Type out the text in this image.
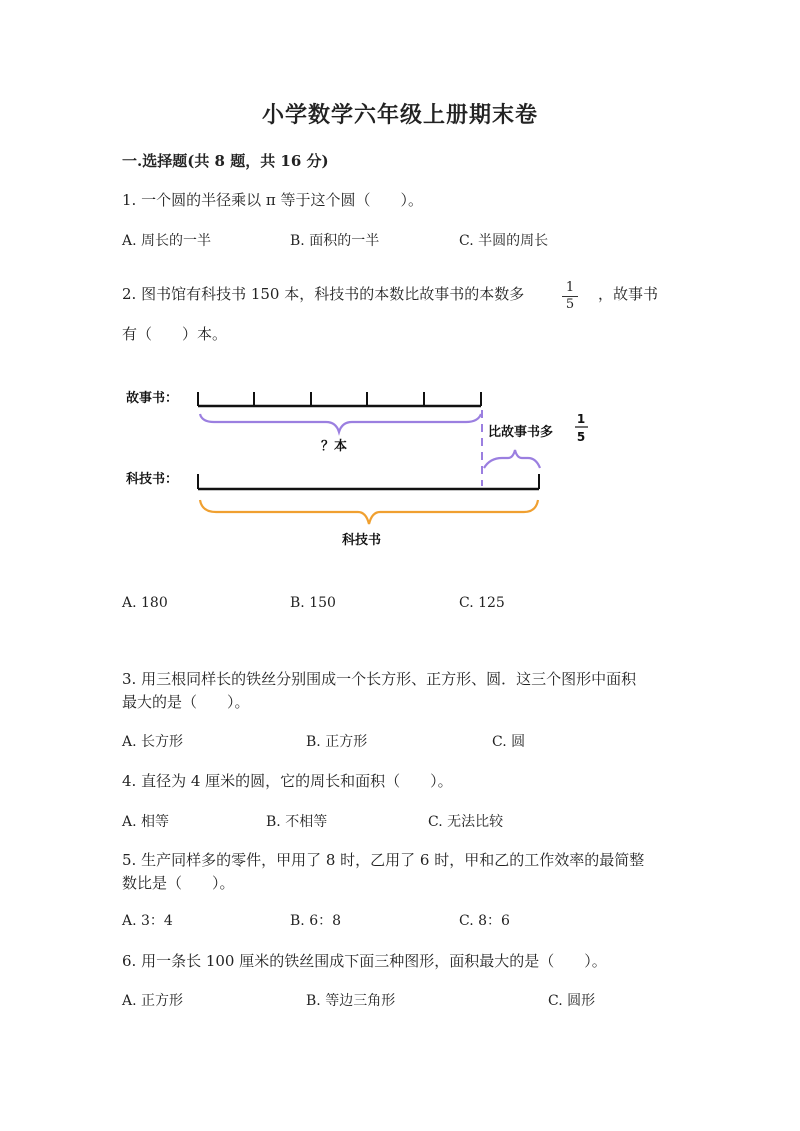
小学数学六年级上册期末卷
一.选择题(共 8 题，共 16 分)
1. 一个圆的半径乘以 π 等于这个圆（　　）。
A. 周长的一半	B. 面积的一半	C. 半圆的周长
2. 图书馆有科技书 150 本，科技书的本数比故事书的本数多	$\frac{1}{5}$ ，故事书
有（　　）本。
故事书：
？本
比故事书多
1
5
科技书：
科技书
A. 180	B. 150	C. 125
3. 用三根同样长的铁丝分别围成一个长方形、正方形、圆．这三个图形中面积
最大的是（　　）。
A. 长方形	B. 正方形	C. 圆
4. 直径为 4 厘米的圆，它的周长和面积（　　）。
A. 相等	B. 不相等	C. 无法比较
5. 生产同样多的零件，甲用了 8 时，乙用了 6 时，甲和乙的工作效率的最简整
数比是（　　）。
A. 3：4	B. 6：8	C. 8：6
6. 用一条长 100 厘米的铁丝围成下面三种图形，面积最大的是（　　）。
A. 正方形	B. 等边三角形	C. 圆形
